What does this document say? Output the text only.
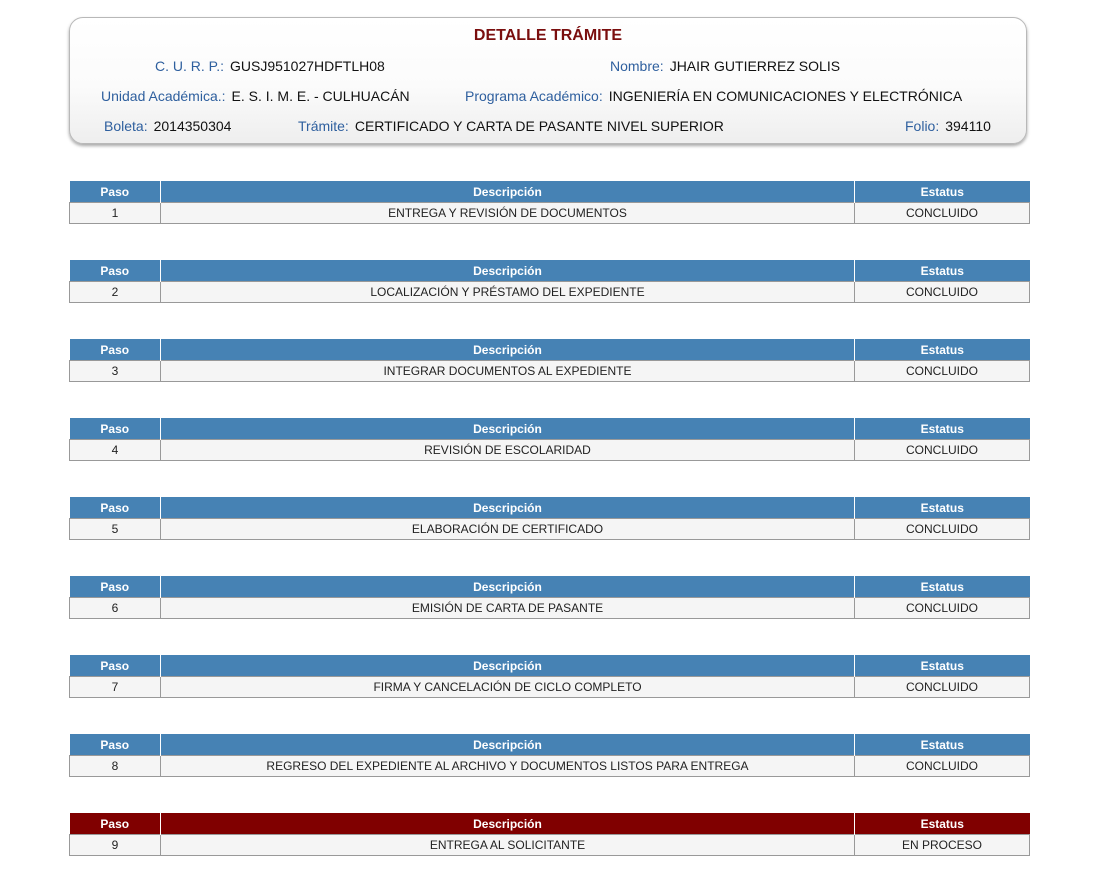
DETALLE TRÁMITE
C. U. R. P.: GUSJ951027HDFTLH08	Nombre: JHAIR GUTIERREZ SOLIS
Unidad Académica.: E. S. I. M. E. - CULHUACÁN	Programa Académico: INGENIERÍA EN COMUNICACIONES Y ELECTRÓNICA
Boleta: 2014350304	Trámite: CERTIFICADO Y CARTA DE PASANTE NIVEL SUPERIOR	Folio: 394110
Paso	Descripción	Estatus
1	ENTREGA Y REVISIÓN DE DOCUMENTOS	CONCLUIDO
Paso	Descripción	Estatus
2	LOCALIZACIÓN Y PRÉSTAMO DEL EXPEDIENTE	CONCLUIDO
Paso	Descripción	Estatus
3	INTEGRAR DOCUMENTOS AL EXPEDIENTE	CONCLUIDO
Paso	Descripción	Estatus
4	REVISIÓN DE ESCOLARIDAD	CONCLUIDO
Paso	Descripción	Estatus
5	ELABORACIÓN DE CERTIFICADO	CONCLUIDO
Paso	Descripción	Estatus
6	EMISIÓN DE CARTA DE PASANTE	CONCLUIDO
Paso	Descripción	Estatus
7	FIRMA Y CANCELACIÓN DE CICLO COMPLETO	CONCLUIDO
Paso	Descripción	Estatus
8	REGRESO DEL EXPEDIENTE AL ARCHIVO Y DOCUMENTOS LISTOS PARA ENTREGA	CONCLUIDO
Paso	Descripción	Estatus
9	ENTREGA AL SOLICITANTE	EN PROCESO
